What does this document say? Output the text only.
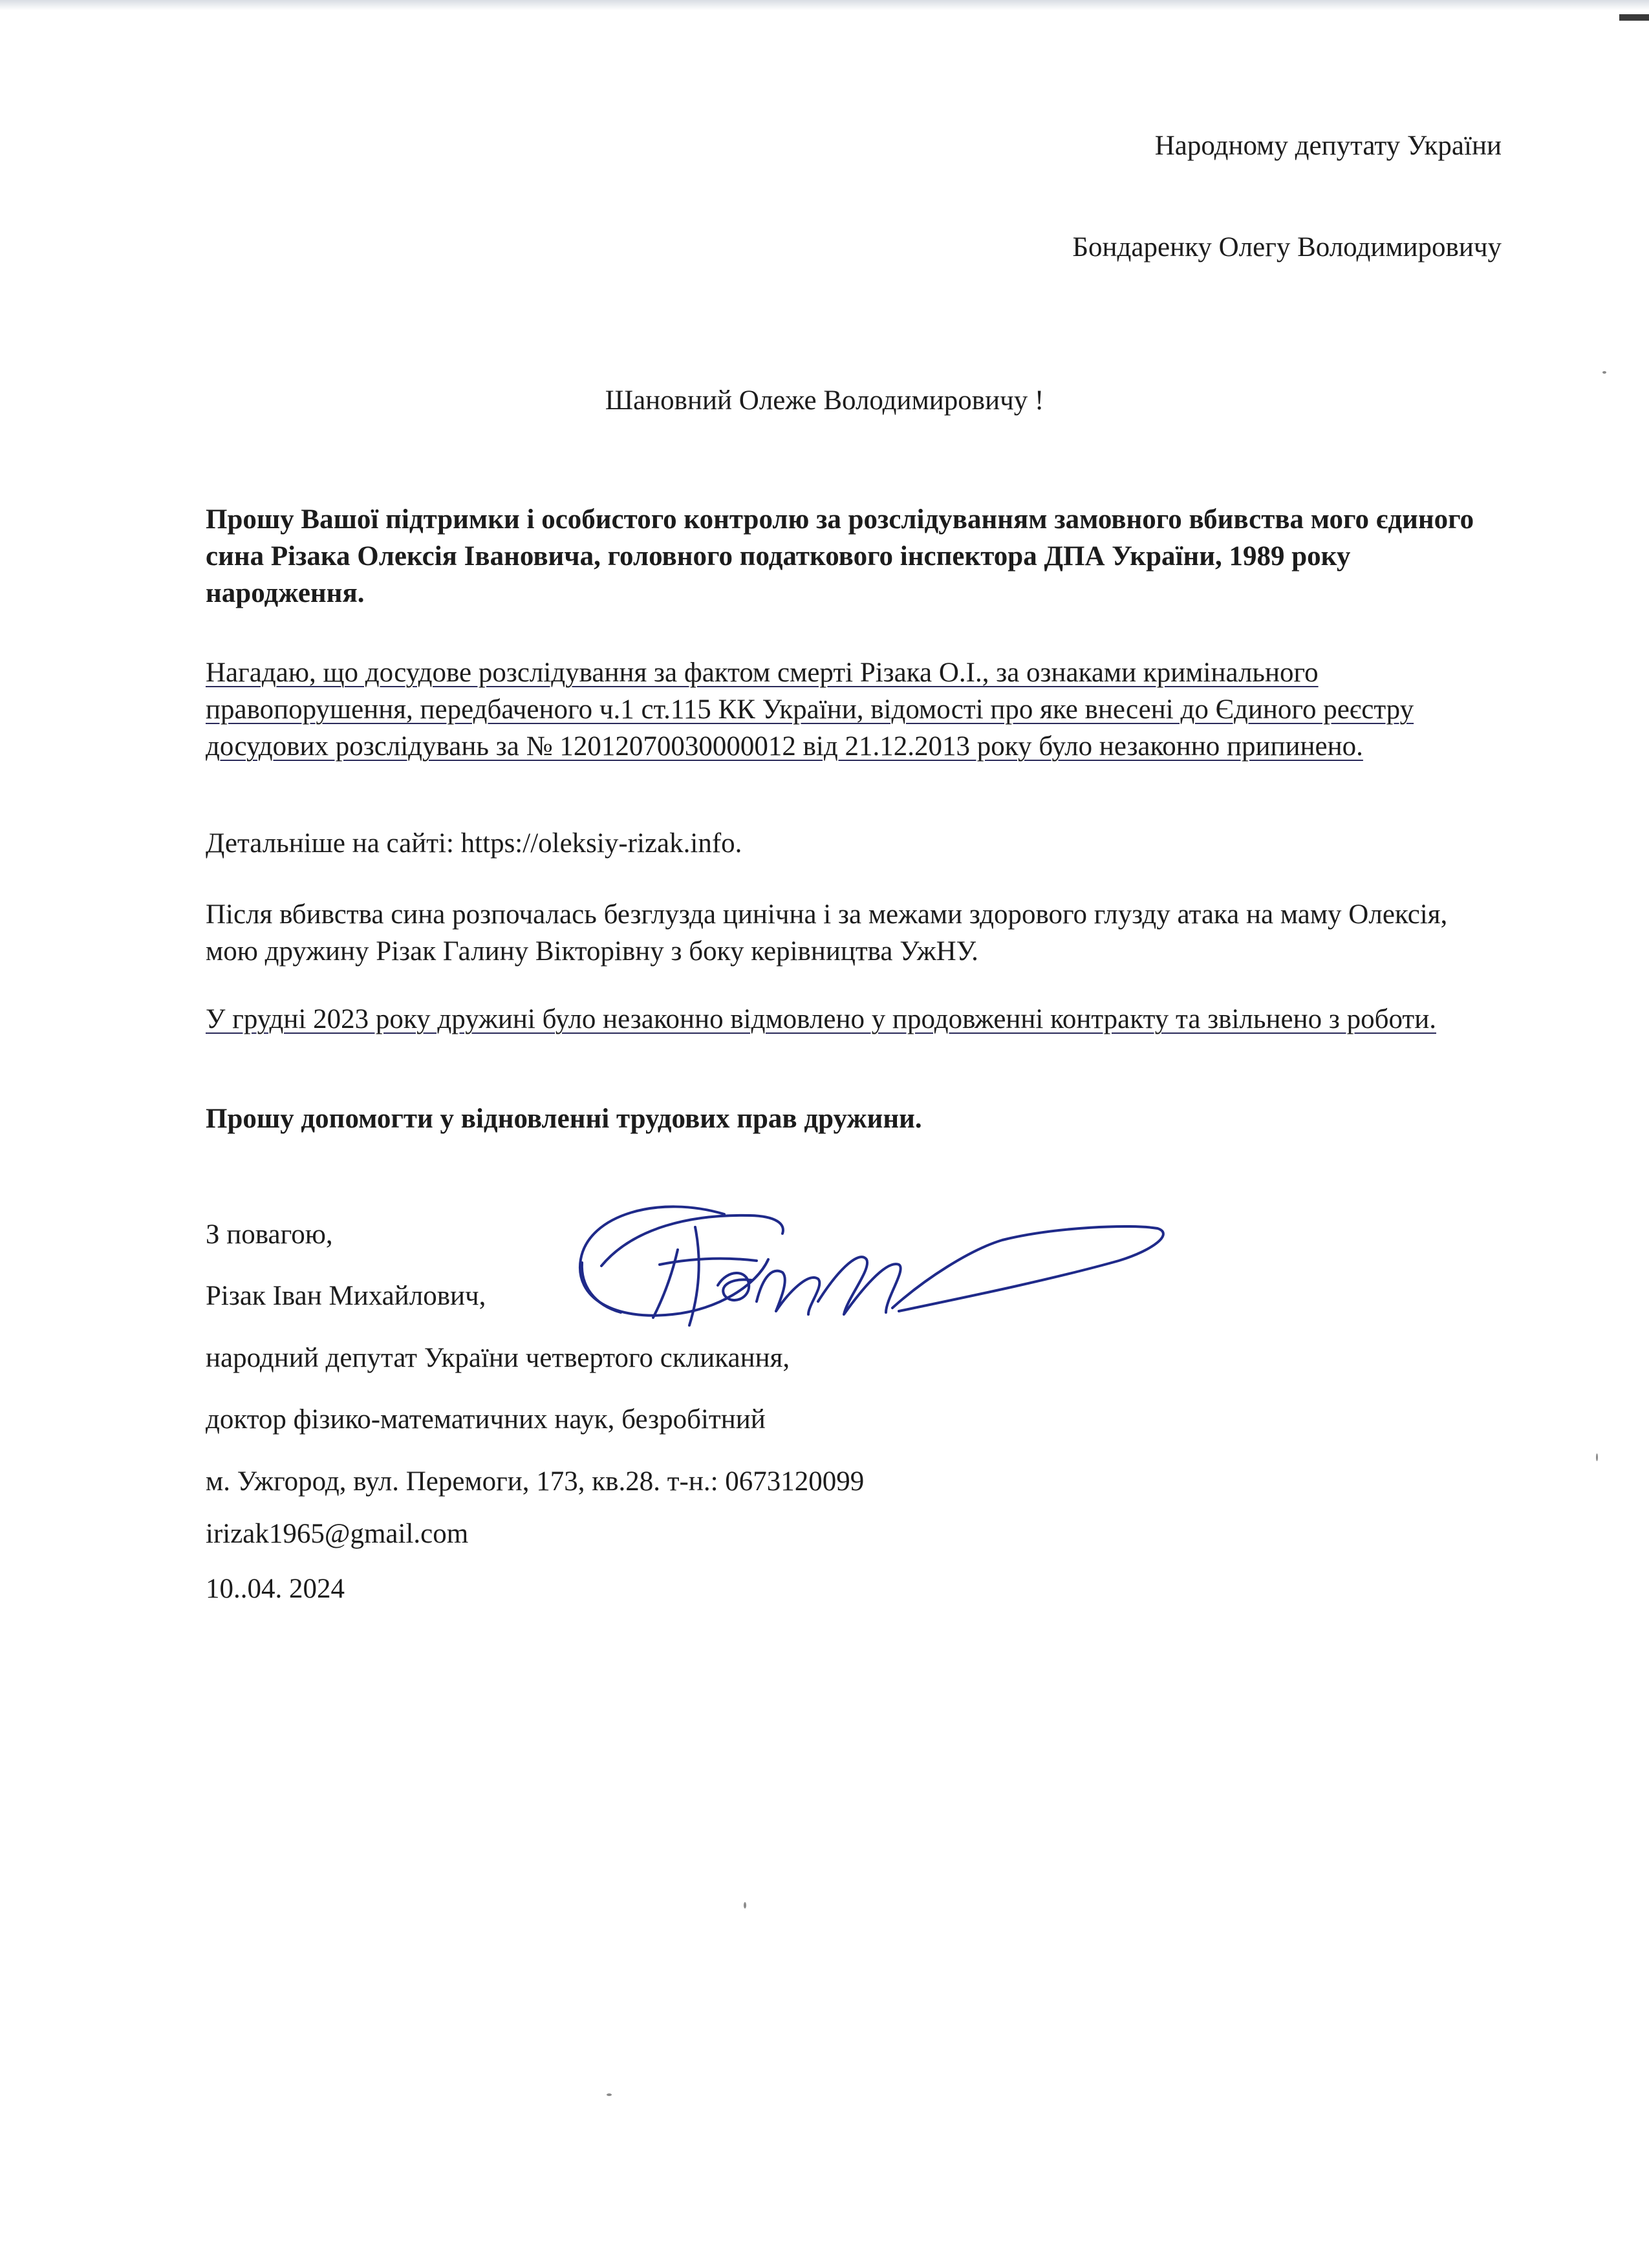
Народному депутату України
Бондаренку Олегу Володимировичу
Шановний Олеже Володимировичу !
Прошу Вашої підтримки і особистого контролю за розслідуванням замовного вбивства мого єдиного сина Різака Олексія Івановича, головного податкового інспектора ДПА України, 1989 року народження.
Нагадаю, що досудове розслідування за фактом смерті Різака О.І., за ознаками кримінального правопорушення, передбаченого ч.1 ст.115 КК України, відомості про яке внесені до Єдиного реєстру досудових розслідувань за № 12012070030000012 від 21.12.2013 року було незаконно припинено.
Детальніше на сайті: https://oleksiy-rizak.info.
Після вбивства сина розпочалась безглузда цинічна і за межами здорового глузду атака на маму Олексія, мою дружину Різак Галину Вікторівну з боку керівництва УжНУ.
У грудні 2023 року дружині було незаконно відмовлено у продовженні контракту та звільнено з роботи.
Прошу допомогти у відновленні трудових прав дружини.
З повагою,
Різак Іван Михайлович,
народний депутат України четвертого скликання,
доктор фізико-математичних наук, безробітний
м. Ужгород, вул. Перемоги, 173, кв.28. т-н.: 0673120099
irizak1965@gmail.com
10..04. 2024
